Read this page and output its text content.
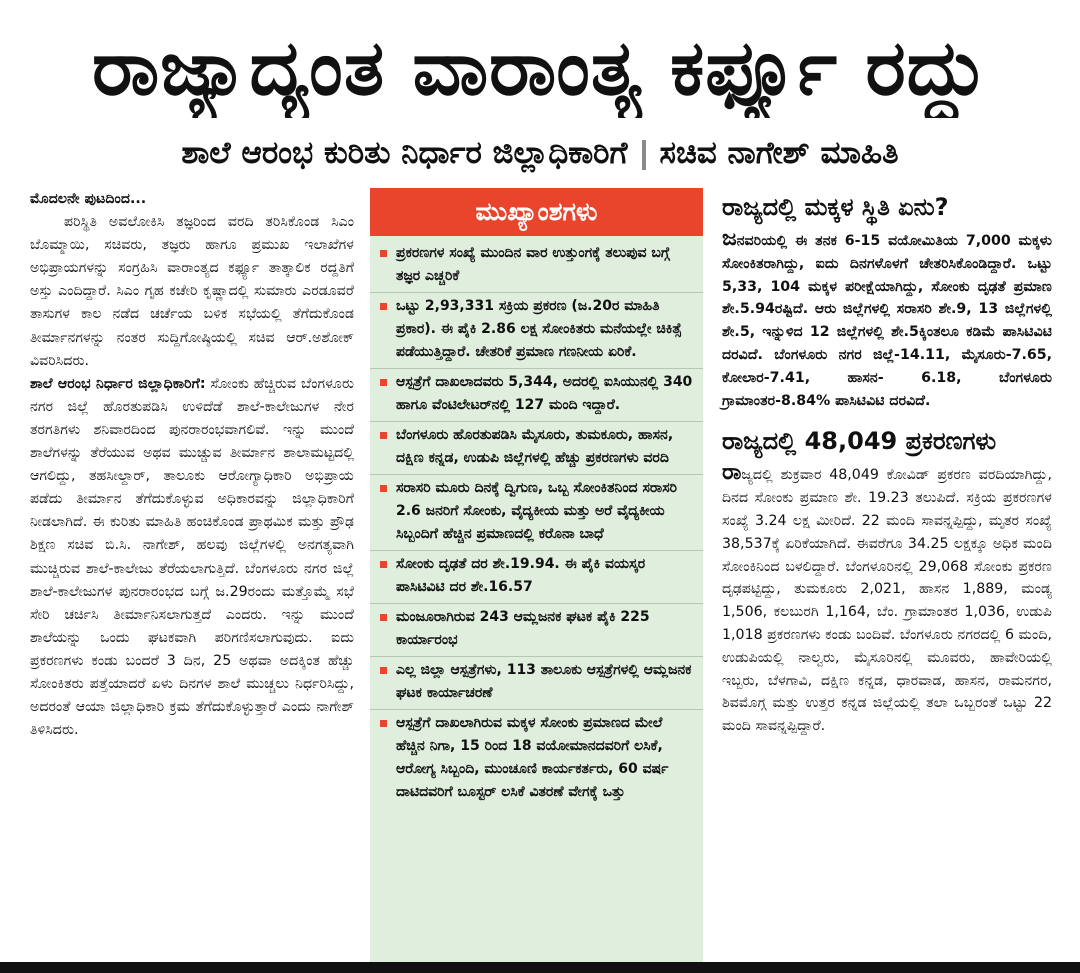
ರಾಜ್ಯಾದ್ಯಂತ ವಾರಾಂತ್ಯ ಕರ್ಫ್ಯೂ ರದ್ದು
ಶಾಲೆ ಆರಂಭ ಕುರಿತು ನಿರ್ಧಾರ ಜಿಲ್ಲಾಧಿಕಾರಿಗೆ ಸಚಿವ ನಾಗೇಶ್ ಮಾಹಿತಿ

ಮೊದಲನೇ ಪುಟದಿಂದ...

ಪರಿಸ್ಥಿತಿ ಅವಲೋಕಿಸಿ ತಜ್ಞರಿಂದ ವರದಿ ತರಿಸಿಕೊಂಡ ಸಿಎಂ ಬೊಮ್ಮಾಯಿ, ಸಚಿವರು, ತಜ್ಞರು ಹಾಗೂ ಪ್ರಮುಖ ಇಲಾಖೆಗಳ ಅಭಿಪ್ರಾಯಗಳನ್ನು ಸಂಗ್ರಹಿಸಿ ವಾರಾಂತ್ಯದ ಕರ್ಫ್ಯೂ ತಾತ್ಕಾಲಿಕ ರದ್ದತಿಗೆ ಅಸ್ತು ಎಂದಿದ್ದಾರೆ. ಸಿಎಂ ಗೃಹ ಕಚೇರಿ ಕೃಷ್ಣಾದಲ್ಲಿ ಸುಮಾರು ಎರಡೂವರೆ ತಾಸುಗಳ ಕಾಲ ನಡೆದ ಚರ್ಚೆಯ ಬಳಿಕ ಸಭೆಯಲ್ಲಿ ತೆಗೆದುಕೊಂಡ ತೀರ್ಮಾನಗಳನ್ನು ನಂತರ ಸುದ್ದಿಗೋಷ್ಠಿಯಲ್ಲಿ ಸಚಿವ ಆರ್.ಅಶೋಕ್ ವಿವರಿಸಿದರು.

ಶಾಲೆ ಆರಂಭ ನಿರ್ಧಾರ ಜಿಲ್ಲಾಧಿಕಾರಿಗೆ: ಸೋಂಕು ಹೆಚ್ಚಿರುವ ಬೆಂಗಳೂರು ನಗರ ಜಿಲ್ಲೆ ಹೊರತುಪಡಿಸಿ ಉಳಿದೆಡೆ ಶಾಲೆ-ಕಾಲೇಜುಗಳ ನೇರ ತರಗತಿಗಳು ಶನಿವಾರದಿಂದ ಪುನರಾರಂಭವಾಗಲಿವೆ. ಇನ್ನು ಮುಂದೆ ಶಾಲೆಗಳನ್ನು ತೆರೆಯುವ ಅಥವ ಮುಚ್ಚುವ ತೀರ್ಮಾನ ಶಾಲಾಮಟ್ಟದಲ್ಲಿ ಆಗಲಿದ್ದು, ತಹಸೀಲ್ದಾರ್, ತಾಲೂಕು ಆರೋಗ್ಯಾಧಿಕಾರಿ ಅಭಿಪ್ರಾಯ ಪಡೆದು ತೀರ್ಮಾನ ತೆಗೆದುಕೊಳ್ಳುವ ಅಧಿಕಾರವನ್ನು ಜಿಲ್ಲಾಧಿಕಾರಿಗೆ ನೀಡಲಾಗಿದೆ. ಈ ಕುರಿತು ಮಾಹಿತಿ ಹಂಚಿಕೊಂಡ ಪ್ರಾಥಮಿಕ ಮತ್ತು ಪ್ರೌಢ ಶಿಕ್ಷಣ ಸಚಿವ ಬಿ.ಸಿ. ನಾಗೇಶ್, ಹಲವು ಜಿಲ್ಲೆಗಳಲ್ಲಿ ಅನಗತ್ಯವಾಗಿ ಮುಚ್ಚಿರುವ ಶಾಲೆ-ಕಾಲೇಜು ತೆರೆಯಲಾಗುತ್ತಿದೆ. ಬೆಂಗಳೂರು ನಗರ ಜಿಲ್ಲೆ ಶಾಲೆ-ಕಾಲೇಜುಗಳ ಪುನರಾರಂಭದ ಬಗ್ಗೆ ಜ.29ರಂದು ಮತ್ತೊಮ್ಮೆ ಸಭೆ ಸೇರಿ ಚರ್ಚಿಸಿ ತೀರ್ಮಾನಿಸಲಾಗುತ್ತದೆ ಎಂದರು. ಇನ್ನು ಮುಂದೆ ಶಾಲೆಯನ್ನು ಒಂದು ಘಟಕವಾಗಿ ಪರಿಗಣಿಸಲಾಗುವುದು. ಐದು ಪ್ರಕರಣಗಳು ಕಂಡು ಬಂದರೆ 3 ದಿನ, 25 ಅಥವಾ ಅದಕ್ಕಿಂತ ಹೆಚ್ಚು ಸೋಂಕಿತರು ಪತ್ತೆಯಾದರೆ ಏಳು ದಿನಗಳ ಶಾಲೆ ಮುಚ್ಚಲು ನಿರ್ಧರಿಸಿದ್ದು, ಅದರಂತೆ ಆಯಾ ಜಿಲ್ಲಾಧಿಕಾರಿ ಕ್ರಮ ತೆಗೆದುಕೊಳ್ಳುತ್ತಾರೆ ಎಂದು ನಾಗೇಶ್ ತಿಳಿಸಿದರು.

ಮುಖ್ಯಾಂಶಗಳು
ಪ್ರಕರಣಗಳ ಸಂಖ್ಯೆ ಮುಂದಿನ ವಾರ ಉತ್ತುಂಗಕ್ಕೆ ತಲುಪುವ ಬಗ್ಗೆ ತಜ್ಞರ ಎಚ್ಚರಿಕೆ
ಒಟ್ಟು 2,93,331 ಸಕ್ರಿಯ ಪ್ರಕರಣ (ಜ.20ರ ಮಾಹಿತಿ ಪ್ರಕಾರ). ಈ ಪೈಕಿ 2.86 ಲಕ್ಷ ಸೋಂಕಿತರು ಮನೆಯಲ್ಲೇ ಚಿಕಿತ್ಸೆ ಪಡೆಯುತ್ತಿದ್ದಾರೆ. ಚೇತರಿಕೆ ಪ್ರಮಾಣ ಗಣನೀಯ ಏರಿಕೆ.
ಆಸ್ಪತ್ರೆಗೆ ದಾಖಲಾದವರು 5,344, ಅದರಲ್ಲಿ ಐಸಿಯುನಲ್ಲಿ 340 ಹಾಗೂ ವೆಂಟಿಲೇಟರ್‌ನಲ್ಲಿ 127 ಮಂದಿ ಇದ್ದಾರೆ.
ಬೆಂಗಳೂರು ಹೊರತುಪಡಿಸಿ ಮೈಸೂರು, ತುಮಕೂರು, ಹಾಸನ, ದಕ್ಷಿಣ ಕನ್ನಡ, ಉಡುಪಿ ಜಿಲ್ಲೆಗಳಲ್ಲಿ ಹೆಚ್ಚು ಪ್ರಕರಣಗಳು ವರದಿ
ಸರಾಸರಿ ಮೂರು ದಿನಕ್ಕೆ ದ್ವಿಗುಣ, ಒಬ್ಬ ಸೋಂಕಿತನಿಂದ ಸರಾಸರಿ 2.6 ಜನರಿಗೆ ಸೋಂಕು, ವೈದ್ಯಕೀಯ ಮತ್ತು ಅರೆ ವೈದ್ಯಕೀಯ ಸಿಬ್ಬಂದಿಗೆ ಹೆಚ್ಚಿನ ಪ್ರಮಾಣದಲ್ಲಿ ಕರೊನಾ ಬಾಧೆ
ಸೋಂಕು ದೃಢತೆ ದರ ಶೇ.19.94. ಈ ಪೈಕಿ ವಯಸ್ಕರ ಪಾಸಿಟಿವಿಟಿ ದರ ಶೇ.16.57
ಮಂಜೂರಾಗಿರುವ 243 ಆಮ್ಲಜನಕ ಘಟಕ ಪೈಕಿ 225 ಕಾರ್ಯಾರಂಭ
ಎಲ್ಲ ಜಿಲ್ಲಾ ಆಸ್ಪತ್ರೆಗಳು, 113 ತಾಲೂಕು ಆಸ್ಪತ್ರೆಗಳಲ್ಲಿ ಆಮ್ಲಜನಕ ಘಟಕ ಕಾರ್ಯಾಚರಣೆ
ಆಸ್ಪತ್ರೆಗೆ ದಾಖಲಾಗಿರುವ ಮಕ್ಕಳ ಸೋಂಕು ಪ್ರಮಾಣದ ಮೇಲೆ ಹೆಚ್ಚಿನ ನಿಗಾ, 15 ರಿಂದ 18 ವಯೋಮಾನದವರಿಗೆ ಲಸಿಕೆ, ಆರೋಗ್ಯ ಸಿಬ್ಬಂದಿ, ಮುಂಚೂಣಿ ಕಾರ್ಯಕರ್ತರು, 60 ವರ್ಷ ದಾಟಿದವರಿಗೆ ಬೂಸ್ಟರ್ ಲಸಿಕೆ ವಿತರಣೆ ವೇಗಕ್ಕೆ ಒತ್ತು
ರಾಜ್ಯದಲ್ಲಿ ಮಕ್ಕಳ ಸ್ಥಿತಿ ಏನು?

ಜನವರಿಯಲ್ಲಿ ಈ ತನಕ 6-15 ವಯೋಮಿತಿಯ 7,000 ಮಕ್ಕಳು ಸೋಂಕಿತರಾಗಿದ್ದು, ಐದು ದಿನಗಳೊಳಗೆ ಚೇತರಿಸಿಕೊಂಡಿದ್ದಾರೆ. ಒಟ್ಟು 5,33, 104 ಮಕ್ಕಳ ಪರೀಕ್ಷೆಯಾಗಿದ್ದು, ಸೋಂಕು ದೃಢತೆ ಪ್ರಮಾಣ ಶೇ.5.94ರಷ್ಟಿದೆ. ಆರು ಜಿಲ್ಲೆಗಳಲ್ಲಿ ಸರಾಸರಿ ಶೇ.9, 13 ಜಿಲ್ಲೆಗಳಲ್ಲಿ ಶೇ.5, ಇನ್ನುಳಿದ 12 ಜಿಲ್ಲೆಗಳಲ್ಲಿ ಶೇ.5ಕ್ಕಿಂತಲೂ ಕಡಿಮೆ ಪಾಸಿಟಿವಿಟಿ ದರವಿದೆ. ಬೆಂಗಳೂರು ನಗರ ಜಿಲ್ಲೆ-14.11, ಮೈಸೂರು-7.65, ಕೋಲಾರ-7.41, ಹಾಸನ- 6.18, ಬೆಂಗಳೂರು ಗ್ರಾಮಾಂತರ-8.84% ಪಾಸಿಟಿವಿಟಿ ದರವಿದೆ.

ರಾಜ್ಯದಲ್ಲಿ 48,049 ಪ್ರಕರಣಗಳು

ರಾಜ್ಯದಲ್ಲಿ ಶುಕ್ರವಾರ 48,049 ಕೋವಿಡ್ ಪ್ರಕರಣ ವರದಿಯಾಗಿದ್ದು, ದಿನದ ಸೋಂಕು ಪ್ರಮಾಣ ಶೇ. 19.23 ತಲುಪಿದೆ. ಸಕ್ರಿಯ ಪ್ರಕರಣಗಳ ಸಂಖ್ಯೆ 3.24 ಲಕ್ಷ ಮೀರಿದೆ. 22 ಮಂದಿ ಸಾವನ್ನಪ್ಪಿದ್ದು, ಮೃತರ ಸಂಖ್ಯೆ 38,537ಕ್ಕೆ ಏರಿಕೆಯಾಗಿದೆ. ಈವರೆಗೂ 34.25 ಲಕ್ಷಕ್ಕೂ ಅಧಿಕ ಮಂದಿ ಸೋಂಕಿನಿಂದ ಬಳಲಿದ್ದಾರೆ. ಬೆಂಗಳೂರಿನಲ್ಲಿ 29,068 ಸೋಂಕು ಪ್ರಕರಣ ದೃಢಪಟ್ಟಿದ್ದು, ತುಮಕೂರು 2,021, ಹಾಸನ 1,889, ಮಂಡ್ಯ 1,506, ಕಲಬುರಗಿ 1,164, ಬೆಂ. ಗ್ರಾಮಾಂತರ 1,036, ಉಡುಪಿ 1,018 ಪ್ರಕರಣಗಳು ಕಂಡು ಬಂದಿವೆ. ಬೆಂಗಳೂರು ನಗರದಲ್ಲಿ 6 ಮಂದಿ, ಉಡುಪಿಯಲ್ಲಿ ನಾಲ್ವರು, ಮೈಸೂರಿನಲ್ಲಿ ಮೂವರು, ಹಾವೇರಿಯಲ್ಲಿ ಇಬ್ಬರು, ಬೆಳಗಾವಿ, ದಕ್ಷಿಣ ಕನ್ನಡ, ಧಾರವಾಡ, ಹಾಸನ, ರಾಮನಗರ, ಶಿವಮೊಗ್ಗ ಮತ್ತು ಉತ್ತರ ಕನ್ನಡ ಜಿಲ್ಲೆಯಲ್ಲಿ ತಲಾ ಒಬ್ಬರಂತೆ ಒಟ್ಟು 22 ಮಂದಿ ಸಾವನ್ನಪ್ಪಿದ್ದಾರೆ.
